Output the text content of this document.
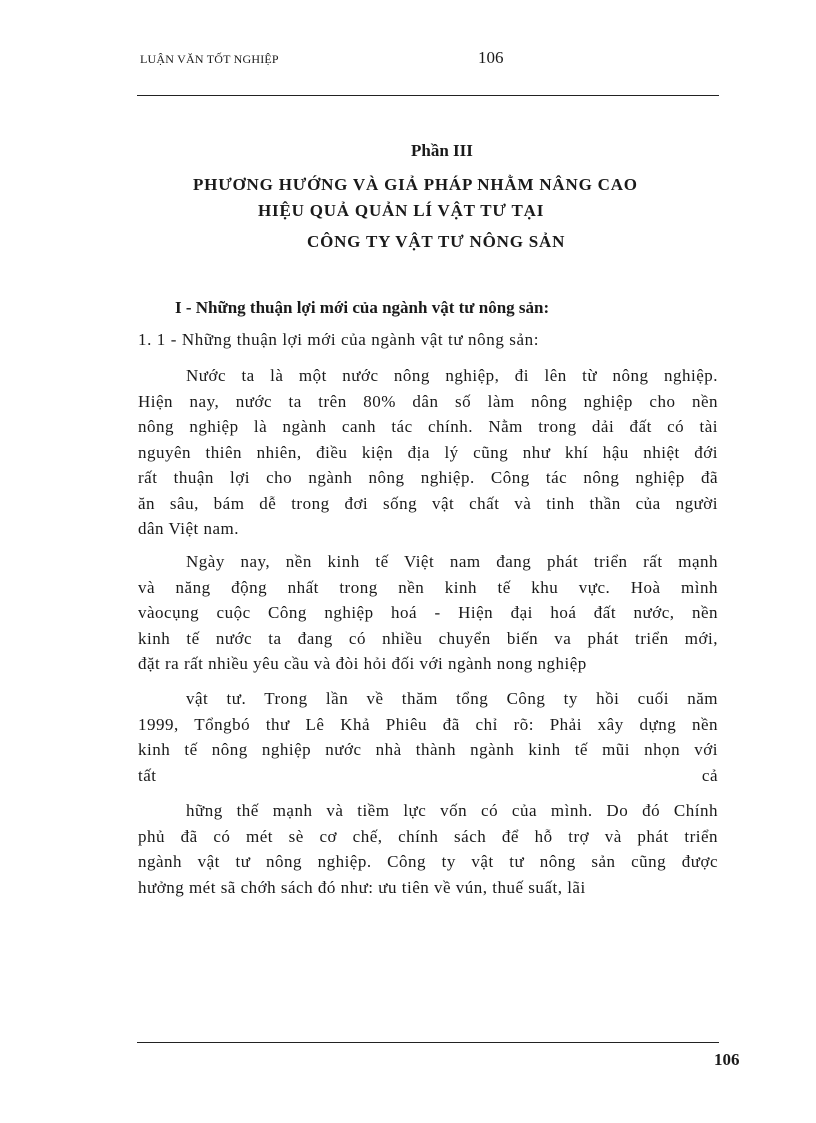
LUẬN VĂN TỐT NGHIỆP	106
Phần III
PHƯƠNG HƯỚNG VÀ GIẢ PHÁP NHẰM NÂNG CAO
HIỆU QUẢ QUẢN LÍ VẬT TƯ TẠI
CÔNG TY VẬT TƯ NÔNG SẢN
I - Những thuận lợi mới của ngành vật tư nông sản:
1. 1 - Những thuận lợi mới của ngành vật tư nông sản:
Nước ta là một nước nông nghiệp, đi lên từ nông nghiệp.
Hiện nay, nước ta trên 80% dân số làm nông nghiệp cho nền
nông nghiệp là ngành canh tác chính. Nằm trong dải đất có tài
nguyên thiên nhiên, điều kiện địa lý cũng như khí hậu nhiệt đới
rất thuận lợi cho ngành nông nghiệp. Công tác nông nghiệp đã
ăn sâu, bám dễ trong đơi sống vật chất và tinh thần của người
dân Việt nam.
Ngày nay, nền kinh tế Việt nam đang phát triển rất mạnh
và năng động nhất trong nền kinh tế khu vực. Hoà mình
vàocụng cuộc Công nghiệp hoá - Hiện đại hoá đất nước, nền
kinh tế nước ta đang có nhiều chuyển biến va phát triển mới,
đặt ra rất nhiều yêu cầu và đòi hỏi đối với ngành nong nghiệp
vật tư. Trong lần về thăm tổng Công ty hồi cuối năm
1999, Tổngbó thư Lê Khả Phiêu đã chỉ rõ: Phải xây dựng nền
kinh tế nông nghiệp nước nhà thành ngành kinh tế mũi nhọn với
tất cả
hững thế mạnh và tiềm lực vốn có của mình. Do đó Chính
phủ đã có mét sè cơ chế, chính sách để hỗ trợ và phát triển
ngành vật tư nông nghiệp. Công ty vật tư nông sản cũng được
hưởng mét sã chớh sách đó như: ưu tiên về vún, thuế suất, lãi
106
